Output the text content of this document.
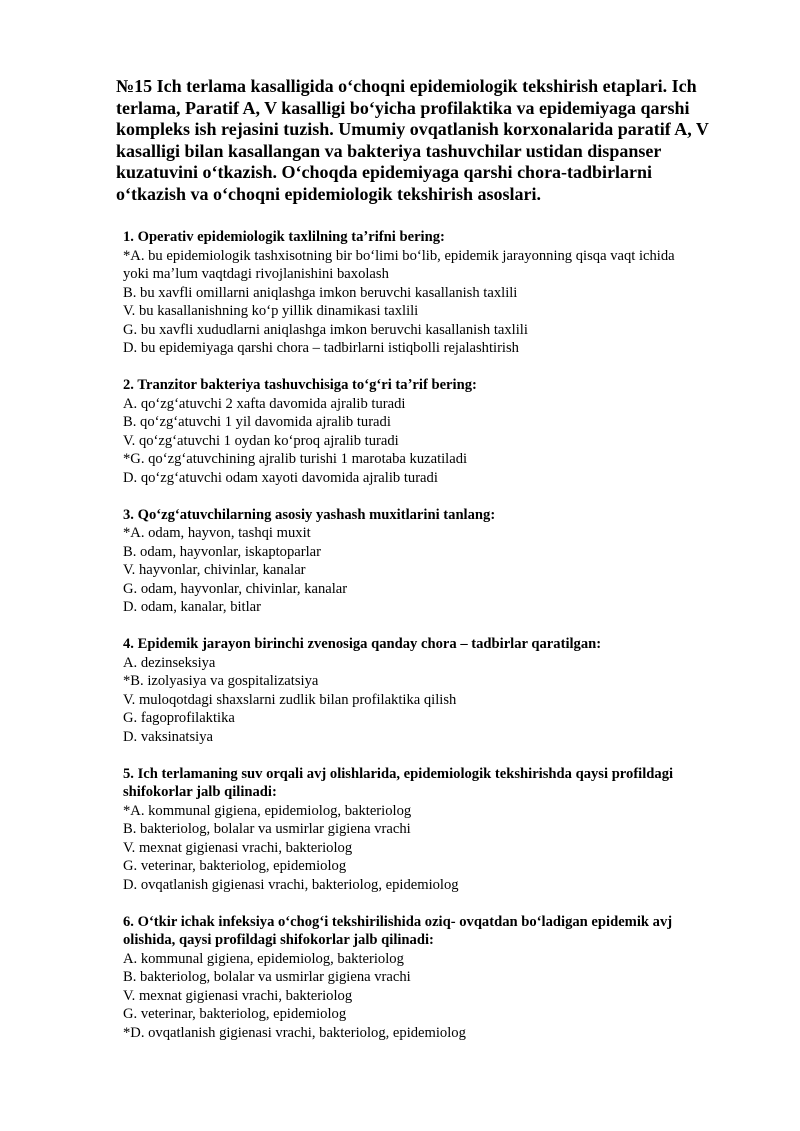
№15 Ich terlama kasalligida oʻchoqni epidemiologik tekshirish etaplari. Ich
terlama, Paratif A, V kasalligi boʻyicha profilaktika va epidemiyaga qarshi
kompleks ish rejasini tuzish. Umumiy ovqatlanish korxonalarida paratif A, V
kasalligi bilan kasallangan va bakteriya tashuvchilar ustidan dispanser
kuzatuvini oʻtkazish. Oʻchoqda epidemiyaga qarshi chora-tadbirlarni
oʻtkazish va oʻchoqni epidemiologik tekshirish asoslari.
1. Operativ epidemiologik taxlilning taʼrifni bering:
*A. bu epidemiologik tashxisotning bir boʻlimi boʻlib, epidemik jarayonning qisqa vaqt ichida
yoki maʼlum vaqtdagi rivojlanishini baxolash
B. bu xavfli omillarni aniqlashga imkon beruvchi kasallanish taxlili
V. bu kasallanishning koʻp yillik dinamikasi taxlili
G. bu xavfli xududlarni aniqlashga imkon beruvchi kasallanish taxlili
D. bu epidemiyaga qarshi chora – tadbirlarni istiqbolli rejalashtirish
2. Tranzitor bakteriya tashuvchisiga toʻgʻri taʼrif bering:
A. qoʻzgʻatuvchi 2 xafta davomida ajralib turadi
B. qoʻzgʻatuvchi 1 yil davomida ajralib turadi
V. qoʻzgʻatuvchi 1 oydan koʻproq ajralib turadi
*G. qoʻzgʻatuvchining ajralib turishi 1 marotaba kuzatiladi
D. qoʻzgʻatuvchi odam xayoti davomida ajralib turadi
3. Qoʻzgʻatuvchilarning asosiy yashash muxitlarini tanlang:
*A. odam, hayvon, tashqi muxit
B. odam, hayvonlar, iskaptoparlar
V. hayvonlar, chivinlar, kanalar
G. odam, hayvonlar, chivinlar, kanalar
D. odam, kanalar, bitlar
4. Epidemik jarayon birinchi zvenosiga qanday chora – tadbirlar qaratilgan:
A. dezinseksiya
*B. izolyasiya va gospitalizatsiya
V. muloqotdagi shaxslarni zudlik bilan profilaktika qilish
G. fagoprofilaktika
D. vaksinatsiya
5. Ich terlamaning suv orqali avj olishlarida, epidemiologik tekshirishda qaysi profildagi
shifokorlar jalb qilinadi:
*A. kommunal gigiena, epidemiolog, bakteriolog
B. bakteriolog, bolalar va usmirlar gigiena vrachi
V. mexnat gigienasi vrachi, bakteriolog
G. veterinar, bakteriolog, epidemiolog
D. ovqatlanish gigienasi vrachi, bakteriolog, epidemiolog
6. Oʻtkir ichak infeksiya oʻchogʻi tekshirilishida oziq- ovqatdan boʻladigan epidemik avj
olishida, qaysi profildagi shifokorlar jalb qilinadi:
A. kommunal gigiena, epidemiolog, bakteriolog
B. bakteriolog, bolalar va usmirlar gigiena vrachi
V. mexnat gigienasi vrachi, bakteriolog
G. veterinar, bakteriolog, epidemiolog
*D. ovqatlanish gigienasi vrachi, bakteriolog, epidemiolog
